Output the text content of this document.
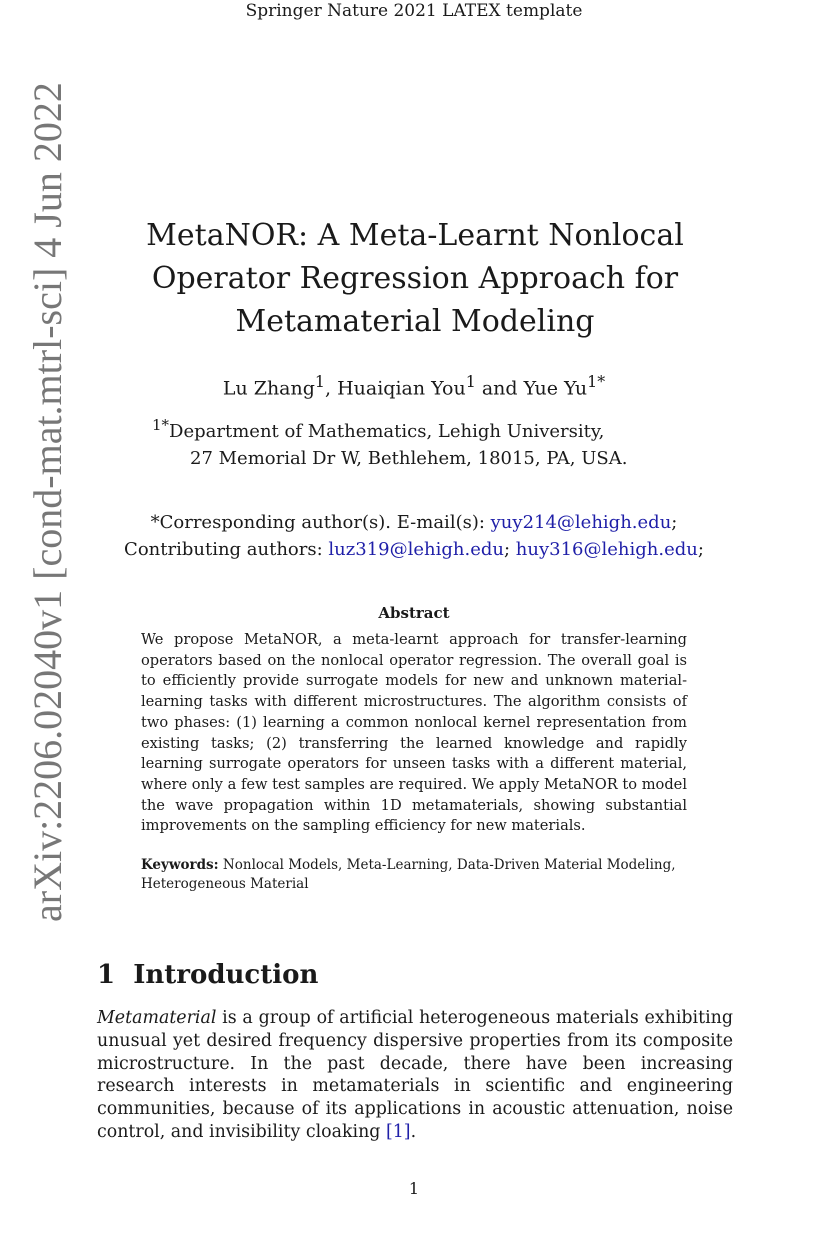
Springer Nature 2021 LATEX template
arXiv:2206.02040v1 [cond-mat.mtrl-sci] 4 Jun 2022	MetaNOR: A Meta-Learnt Nonlocal
Operator Regression Approach for
Metamaterial Modeling
Lu Zhang$^1$, Huaiqian You$^1$ and Yue $Yu^{1*}$
$^{1*}$Department of Mathematics, Lehigh University,
27 Memorial Dr W, Bethlehem, 18015, PA, USA.
*Corresponding author(s). E-mail(s): yuy214@lehigh.edu;
Contributing authors: luz319@lehigh.edu; huy316@lehigh.edu;
Abstract
We propose MetaNOR, a meta-learnt approach for transfer-learning operators based on the nonlocal operator regression. The overall goal is to efficiently provide surrogate models for new and unknown material-learning tasks with different microstructures. The algorithm consists of two phases: (1) learning a common nonlocal kernel representation from existing tasks; (2) transferring the learned knowledge and rapidly learning surrogate operators for unseen tasks with a different material, where only a few test samples are required. We apply MetaNOR to model the wave propagation within 1D metamaterials, showing substantial improvements on the sampling efficiency for new materials.
Keywords: Nonlocal Models, Meta-Learning, Data-Driven Material Modeling, Heterogeneous Material
1 Introduction
Metamaterial is a group of artificial heterogeneous materials exhibiting unusual yet desired frequency dispersive properties from its composite microstructure. In the past decade, there have been increasing research interests in metamaterials in scientific and engineering communities, because of its applications in acoustic attenuation, noise control, and invisibility cloaking [1].
1
